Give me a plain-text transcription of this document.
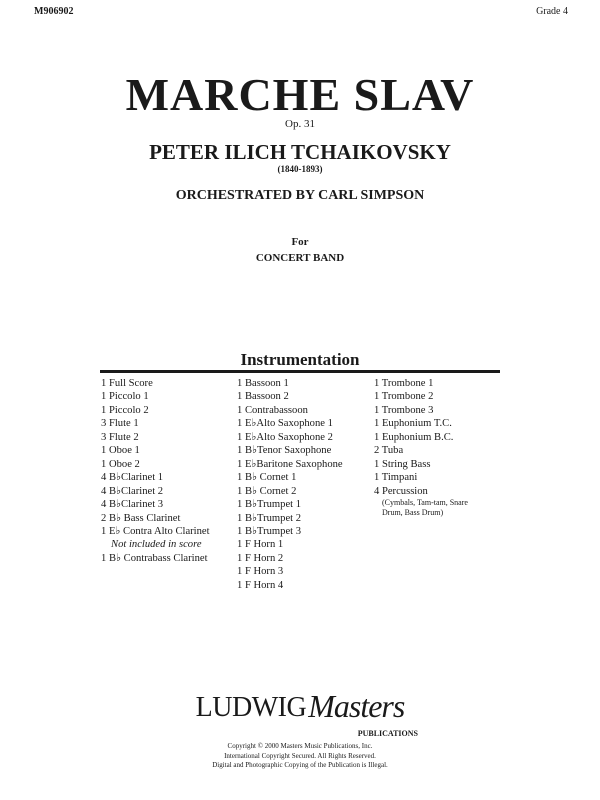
M906902	Grade 4
MARCHE SLAV
Op. 31
PETER ILICH TCHAIKOVSKY
(1840-1893)
ORCHESTRATED BY CARL SIMPSON
For
CONCERT BAND
Instrumentation
1 Full Score
1 Piccolo 1
1 Piccolo 2
3 Flute 1
3 Flute 2
1 Oboe 1
1 Oboe 2
4 B♭Clarinet 1
4 B♭Clarinet 2
4 B♭Clarinet 3
2 B♭ Bass Clarinet
1 E♭ Contra Alto Clarinet
Not included in score
1 B♭ Contrabass Clarinet
1 Bassoon 1
1 Bassoon 2
1 Contrabassoon
1 E♭Alto Saxophone 1
1 E♭Alto Saxophone 2
1 B♭Tenor Saxophone
1 E♭Baritone Saxophone
1 B♭ Cornet 1
1 B♭ Cornet 2
1 B♭Trumpet 1
1 B♭Trumpet 2
1 B♭Trumpet 3
1 F Horn 1
1 F Horn 2
1 F Horn 3
1 F Horn 4
1 Trombone 1
1 Trombone 2
1 Trombone 3
1 Euphonium T.C.
1 Euphonium B.C.
2 Tuba
1 String Bass
1 Timpani
4 Percussion
(Cymbals, Tam-tam, Snare
Drum, Bass Drum)
LUDWIG Masters
PUBLICATIONS
Copyright © 2000 Masters Music Publications, Inc.
International Copyright Secured. All Rights Reserved.
Digital and Photographic Copying of the Publication is Illegal.
